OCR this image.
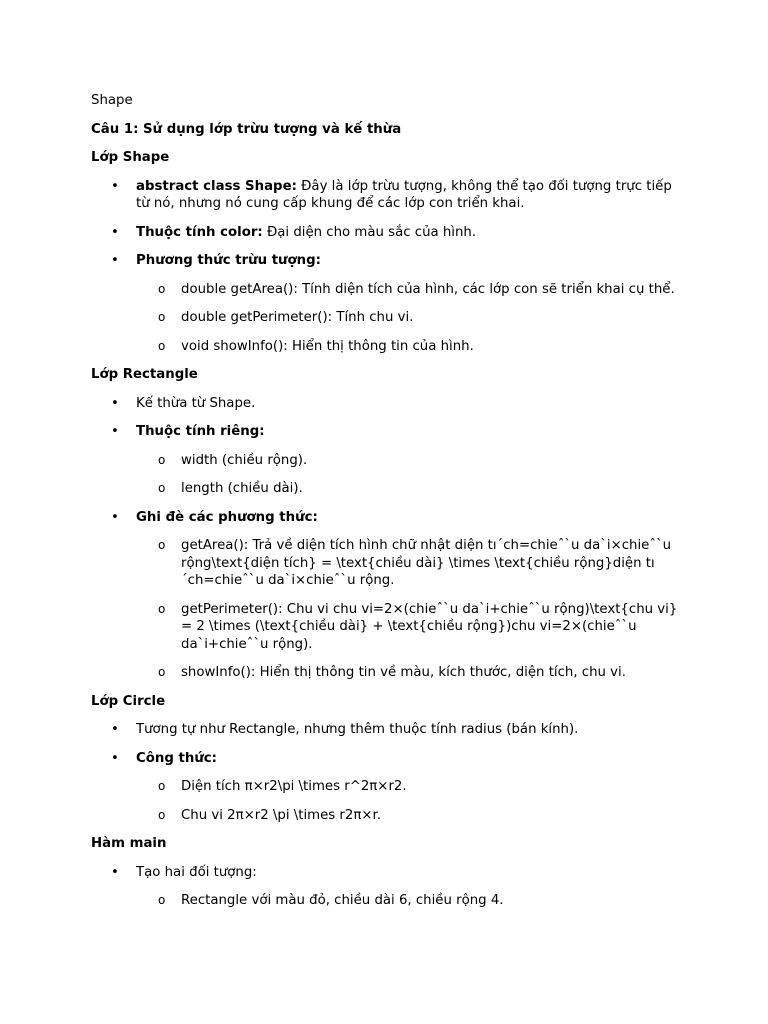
Shape

Câu 1: Sử dụng lớp trừu tượng và kế thừa

Lớp Shape

• abstract class Shape: Đây là lớp trừu tượng, không thể tạo đối tượng trực tiếp từ nó, nhưng nó cung cấp khung để các lớp con triển khai.
• Thuộc tính color: Đại diện cho màu sắc của hình.
• Phương thức trừu tượng:
o double getArea(): Tính diện tích của hình, các lớp con sẽ triển khai cụ thể.
o double getPerimeter(): Tính chu vi.
o void showInfo(): Hiển thị thông tin của hình.

Lớp Rectangle

• Kế thừa từ Shape.
• Thuộc tính riêng:
o width (chiều rộng).
o length (chiều dài).
• Ghi đè các phương thức:
o getArea(): Trả về diện tích hình chữ nhật diện tı´ch=chieˆ`u da`i×chieˆ`u rộng\text{diện tích} = \text{chiều dài} \times \text{chiều rộng}diện tı´ch=chieˆ`u da`i×chieˆ`u rộng.
o getPerimeter(): Chu vi chu vi=2×(chieˆ`u da`i+chieˆ`u rộng)\text{chu vi} = 2 \times (\text{chiều dài} + \text{chiều rộng})chu vi=2×(chieˆ`u da`i+chieˆ`u rộng).
o showInfo(): Hiển thị thông tin về màu, kích thước, diện tích, chu vi.

Lớp Circle

• Tương tự như Rectangle, nhưng thêm thuộc tính radius (bán kính).
• Công thức:
o Diện tích π×r2\pi \times r^2π×r2.
o Chu vi 2π×r2 \pi \times r2π×r.

Hàm main

• Tạo hai đối tượng:
o Rectangle với màu đỏ, chiều dài 6, chiều rộng 4.
